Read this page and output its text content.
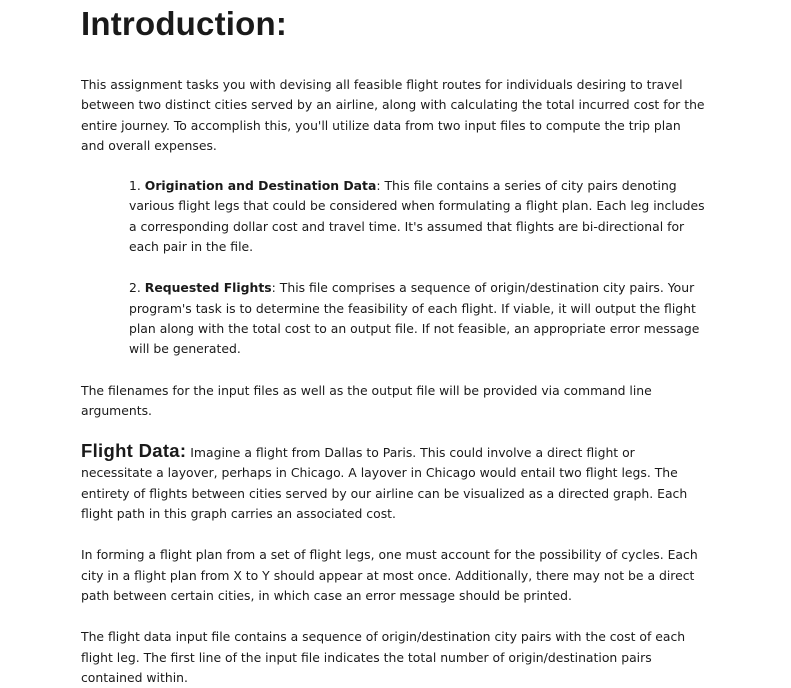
Introduction:

This assignment tasks you with devising all feasible flight routes for individuals desiring to travel between two distinct cities served by an airline, along with calculating the total incurred cost for the entire journey. To accomplish this, you'll utilize data from two input files to compute the trip plan and overall expenses.

1. Origination and Destination Data: This file contains a series of city pairs denoting various flight legs that could be considered when formulating a flight plan. Each leg includes a corresponding dollar cost and travel time. It's assumed that flights are bi-directional for each pair in the file.

2. Requested Flights: This file comprises a sequence of origin/destination city pairs. Your program's task is to determine the feasibility of each flight. If viable, it will output the flight plan along with the total cost to an output file. If not feasible, an appropriate error message will be generated.

The filenames for the input files as well as the output file will be provided via command line arguments.

Flight Data: Imagine a flight from Dallas to Paris. This could involve a direct flight or necessitate a layover, perhaps in Chicago. A layover in Chicago would entail two flight legs. The entirety of flights between cities served by our airline can be visualized as a directed graph. Each flight path in this graph carries an associated cost.

In forming a flight plan from a set of flight legs, one must account for the possibility of cycles. Each city in a flight plan from X to Y should appear at most once. Additionally, there may not be a direct path between certain cities, in which case an error message should be printed.

The flight data input file contains a sequence of origin/destination city pairs with the cost of each flight leg. The first line of the input file indicates the total number of origin/destination pairs contained within.
